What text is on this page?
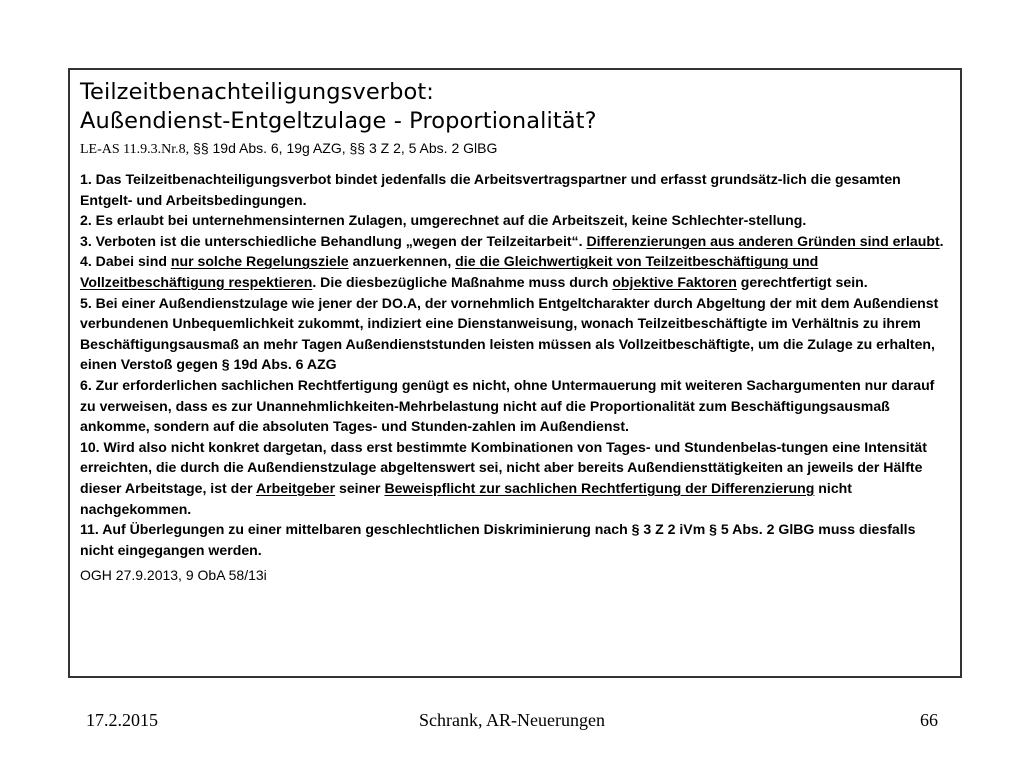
Teilzeitbenachteiligungsverbot:
Außendienst-Entgeltzulage - Proportionalität?
LE-AS 11.9.3.Nr.8, §§ 19d Abs. 6, 19g AZG, §§ 3 Z 2, 5 Abs. 2 GlBG

1. Das Teilzeitbenachteiligungsverbot bindet jedenfalls die Arbeitsvertragspartner und erfasst grundsätz-lich die gesamten Entgelt- und Arbeitsbedingungen.

2. Es erlaubt bei unternehmensinternen Zulagen, umgerechnet auf die Arbeitszeit, keine Schlechter-stellung.

3. Verboten ist die unterschiedliche Behandlung „wegen der Teilzeitarbeit“. Differenzierungen aus anderen Gründen sind erlaubt.

4. Dabei sind nur solche Regelungsziele anzuerkennen, die die Gleichwertigkeit von Teilzeitbeschäftigung und Vollzeitbeschäftigung respektieren. Die diesbezügliche Maßnahme muss durch objektive Faktoren gerechtfertigt sein.

5. Bei einer Außendienstzulage wie jener der DO.A, der vornehmlich Entgeltcharakter durch Abgeltung der mit dem Außendienst verbundenen Unbequemlichkeit zukommt, indiziert eine Dienstanweisung, wonach Teilzeitbeschäftigte im Verhältnis zu ihrem Beschäftigungsausmaß an mehr Tagen Außendienststunden leisten müssen als Vollzeitbeschäftigte, um die Zulage zu erhalten, einen Verstoß gegen § 19d Abs. 6 AZG

6. Zur erforderlichen sachlichen Rechtfertigung genügt es nicht, ohne Untermauerung mit weiteren Sachargumenten nur darauf zu verweisen, dass es zur Unannehmlichkeiten-Mehrbelastung nicht auf die Proportionalität zum Beschäftigungsausmaß ankomme, sondern auf die absoluten Tages- und Stunden-zahlen im Außendienst.

10. Wird also nicht konkret dargetan, dass erst bestimmte Kombinationen von Tages- und Stundenbelas-tungen eine Intensität erreichten, die durch die Außendienstzulage abgeltenswert sei, nicht aber bereits Außendiensttätigkeiten an jeweils der Hälfte dieser Arbeitstage, ist der Arbeitgeber seiner Beweispflicht zur sachlichen Rechtfertigung der Differenzierung nicht nachgekommen.

11. Auf Überlegungen zu einer mittelbaren geschlechtlichen Diskriminierung nach § 3 Z 2 iVm § 5 Abs. 2 GlBG muss diesfalls nicht eingegangen werden.

OGH 27.9.2013, 9 ObA 58/13i
17.2.2015	Schrank, AR-Neuerungen	66
